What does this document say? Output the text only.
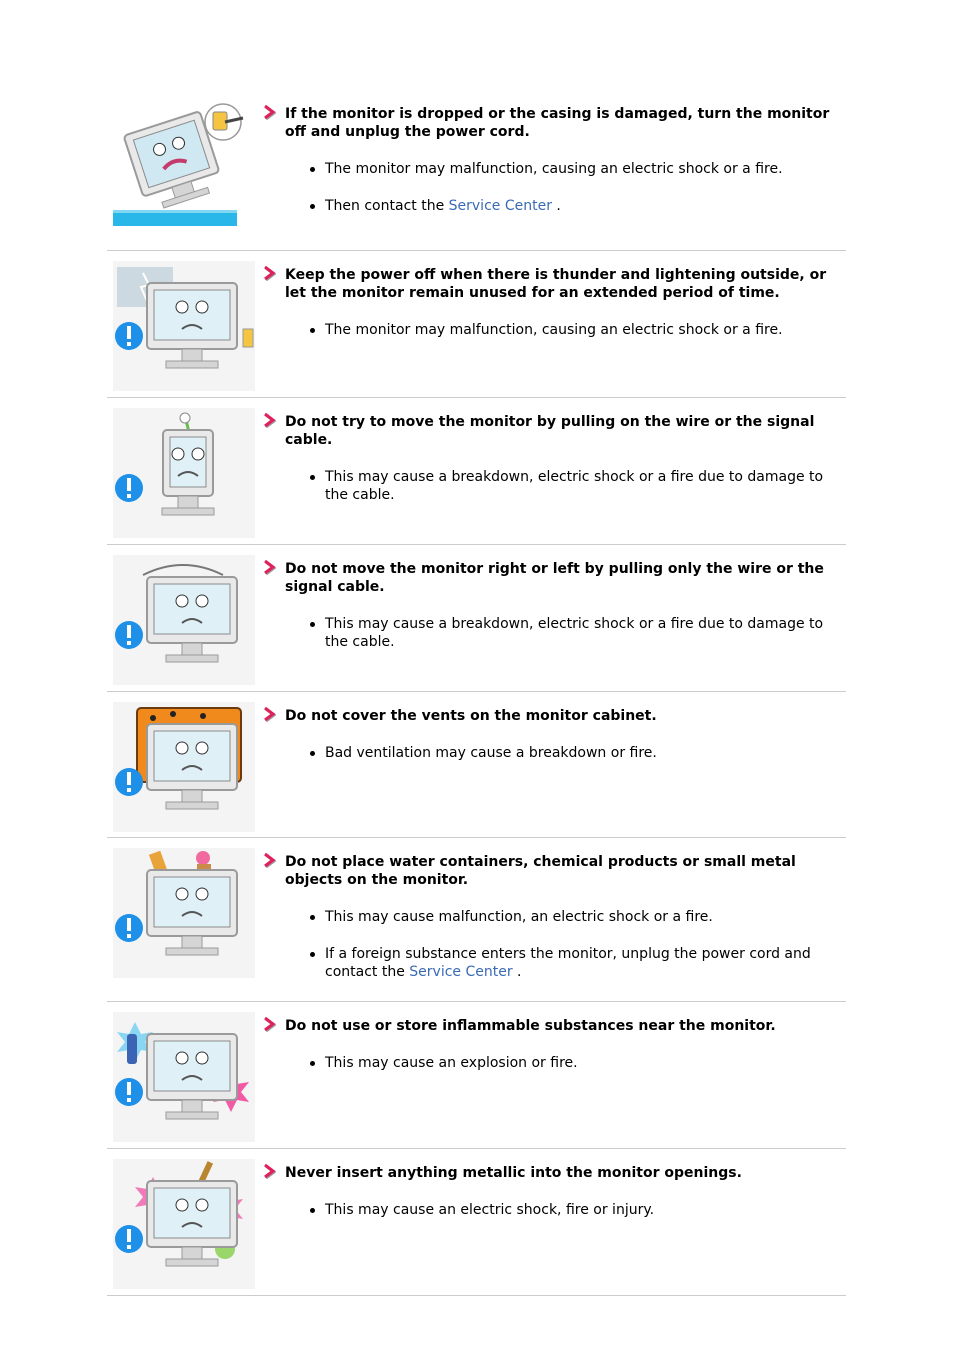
If the monitor is dropped or the casing is damaged, turn the monitor off and unplug the power cord.
The monitor may malfunction, causing an electric shock or a fire.
Then contact the Service Center .
Keep the power off when there is thunder and lightening outside, or let the monitor remain unused for an extended period of time.
The monitor may malfunction, causing an electric shock or a fire.
Do not try to move the monitor by pulling on the wire or the signal cable.
This may cause a breakdown, electric shock or a fire due to damage to the cable.
Do not move the monitor right or left by pulling only the wire or the signal cable.
This may cause a breakdown, electric shock or a fire due to damage to the cable.
Do not cover the vents on the monitor cabinet.
Bad ventilation may cause a breakdown or fire.
Do not place water containers, chemical products or small metal objects on the monitor.
This may cause malfunction, an electric shock or a fire.
If a foreign substance enters the monitor, unplug the power cord and contact the Service Center .
Do not use or store inflammable substances near the monitor.
This may cause an explosion or fire.
Never insert anything metallic into the monitor openings.
This may cause an electric shock, fire or injury.
